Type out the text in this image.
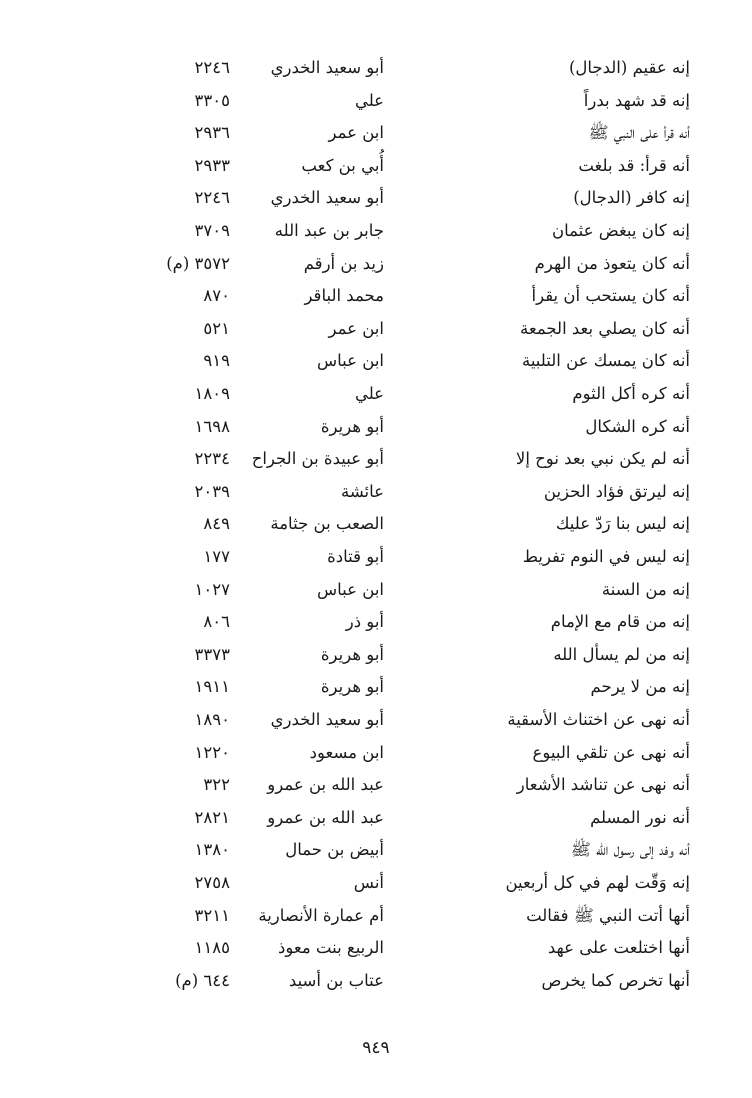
إنه عقيم (الدجال)
أبو سعيد الخدري
٢٢٤٦
إنه قد شهد بدراً
علي
٣٣٠٥
أنه قرأ على النبي ﷺ
ابن عمر
٢٩٣٦
أنه قرأ: قد بلغت
أُبي بن كعب
٢٩٣٣
إنه كافر (الدجال)
أبو سعيد الخدري
٢٢٤٦
إنه كان يبغض عثمان
جابر بن عبد الله
٣٧٠٩
أنه كان يتعوذ من الهرم
زيد بن أرقم
٣٥٧٢ (م)
أنه كان يستحب أن يقرأ
محمد الباقر
٨٧٠
أنه كان يصلي بعد الجمعة
ابن عمر
٥٢١
أنه كان يمسك عن التلبية
ابن عباس
٩١٩
أنه كره أكل الثوم
علي
١٨٠٩
أنه كره الشكال
أبو هريرة
١٦٩٨
أنه لم يكن نبي بعد نوح إلا
أبو عبيدة بن الجراح
٢٢٣٤
إنه ليرتق فؤاد الحزين
عائشة
٢٠٣٩
إنه ليس بنا رَدّ عليك
الصعب بن جثامة
٨٤٩
إنه ليس في النوم تفريط
أبو قتادة
١٧٧
إنه من السنة
ابن عباس
١٠٢٧
إنه من قام مع الإمام
أبو ذر
٨٠٦
إنه من لم يسأل الله
أبو هريرة
٣٣٧٣
إنه من لا يرحم
أبو هريرة
١٩١١
أنه نهى عن اختناث الأسقية
أبو سعيد الخدري
١٨٩٠
أنه نهى عن تلقي البيوع
ابن مسعود
١٢٢٠
أنه نهى عن تناشد الأشعار
عبد الله بن عمرو
٣٢٢
أنه نور المسلم
عبد الله بن عمرو
٢٨٢١
أنه وفد إلى رسول الله ﷺ
أبيض بن حمال
١٣٨٠
إنه وَقّت لهم في كل أربعين
أنس
٢٧٥٨
أنها أتت النبي ﷺ فقالت
أم عمارة الأنصارية
٣٢١١
أنها اختلعت على عهد
الربيع بنت معوذ
١١٨٥
أنها تخرص كما يخرص
عتاب بن أسيد
٦٤٤ (م)
٩٤٩
